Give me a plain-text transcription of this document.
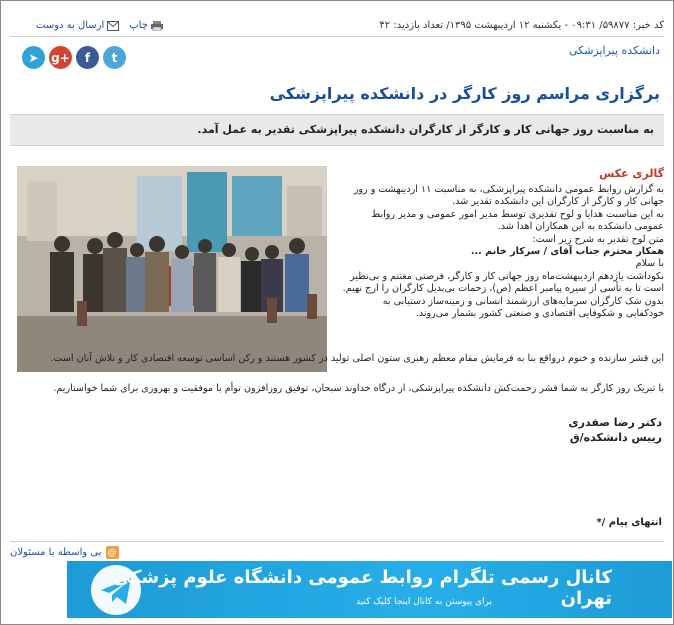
چاپ
ارسال به دوست	کد خبر: ۵۹۸۷۷/ ۰۹:۳۱ - یکشنبه ۱۲ اردیبهشت ۱۳۹۵/ تعداد بازدید: ۴۲
دانشکده پیراپزشکی
➤	g+	f	t
برگزاری مراسم روز کارگر در دانشکده پیراپزشکی
به مناسبت روز جهانی کار و کارگر از کارگران دانشکده پیراپزشکی تقدیر به عمل آمد.
گالری عکس

به گزارش روابط عمومی دانشکده پیراپزشکی، به مناسبت ۱۱ اردیبهشت و روز جهانی کار و کارگر از کارگران این دانشکده تقدیر شد.

به این مناسبت هدایا و لوح تقدیری توسط مدیر امور عمومی و مدیر روابط عمومی دانشکده به این همکاران اهدا شد.

متن لوح تقدیر به شرح زیر است:

همکار محترم جناب آقای / سرکار خانم ...

با سلام

نکوداشت یازدهم اردیبهشت‌ماه روز جهانی کار و کارگر، فرصتی مغتنم و بی‌نظیر است تا به تأسی از سیره پیامبر اعظم (ص)، زحمات بی‌بدیل کارگران را ارج نهیم. بدون شک کارگران سرمایه‌های ارزشمند انسانی و زمینه‌ساز دستیابی به خودکفایی و شکوفایی اقتصادی و صنعتی کشور بشمار می‌روند.

این قشر سازنده و خنوم درواقع بنا به فرمایش مقام معظم رهبری ستون اصلی تولید در کشور هستند و رکن اساسی توسعه اقتصادی کار و تلاش آنان است.
با تبریک روز کارگر به شما قشر زحمت‌کش دانشکده پیراپزشکی، از درگاه خداوند سبحان، توفیق روزافزون توأم با موفقیت و بهروزی برای شما خواستاریم.
دکتر رضا صفدری
رییس دانشکده/ق
انتهای پیام /*
بی واسطه با مسئولان @
کانال رسمی تلگرام روابط عمومی دانشگاه علوم پزشکی تهران
برای پیوستن به کانال اینجا کلیک کنید
